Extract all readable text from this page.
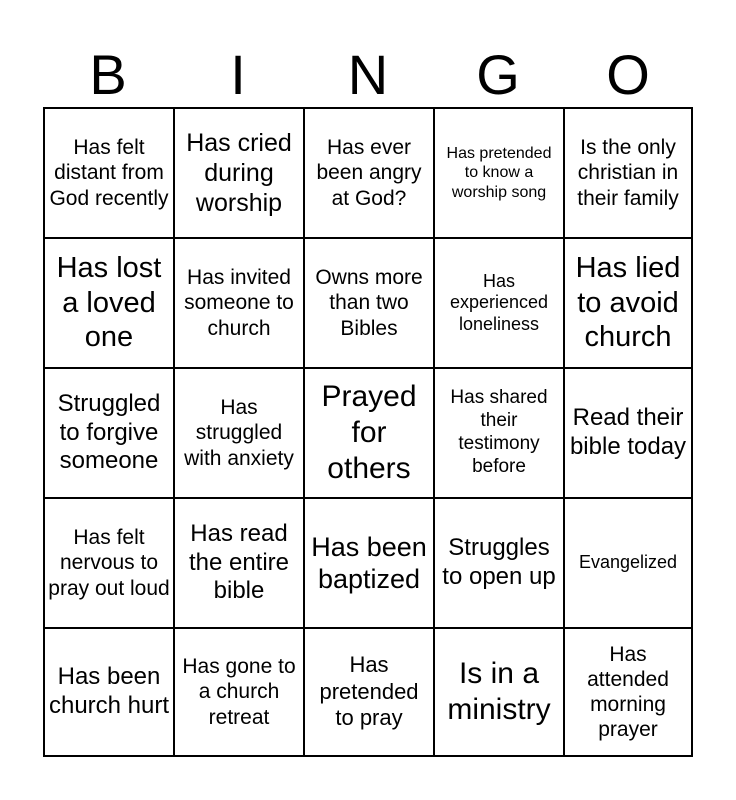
B	I	N	G	O
Has felt distant from God recently
Has cried during worship
Has ever been angry at God?
Has pretended to know a worship song
Is the only christian in their family
Has lost a loved one
Has invited someone to church
Owns more than two Bibles
Has experienced loneliness
Has lied to avoid church
Struggled to forgive someone
Has struggled with anxiety
Prayed for others
Has shared their testimony before
Read their bible today
Has felt nervous to pray out loud
Has read the entire bible
Has been baptized
Struggles to open up
Evangelized
Has been church hurt
Has gone to a church retreat
Has pretended to pray
Is in a ministry
Has attended morning prayer
